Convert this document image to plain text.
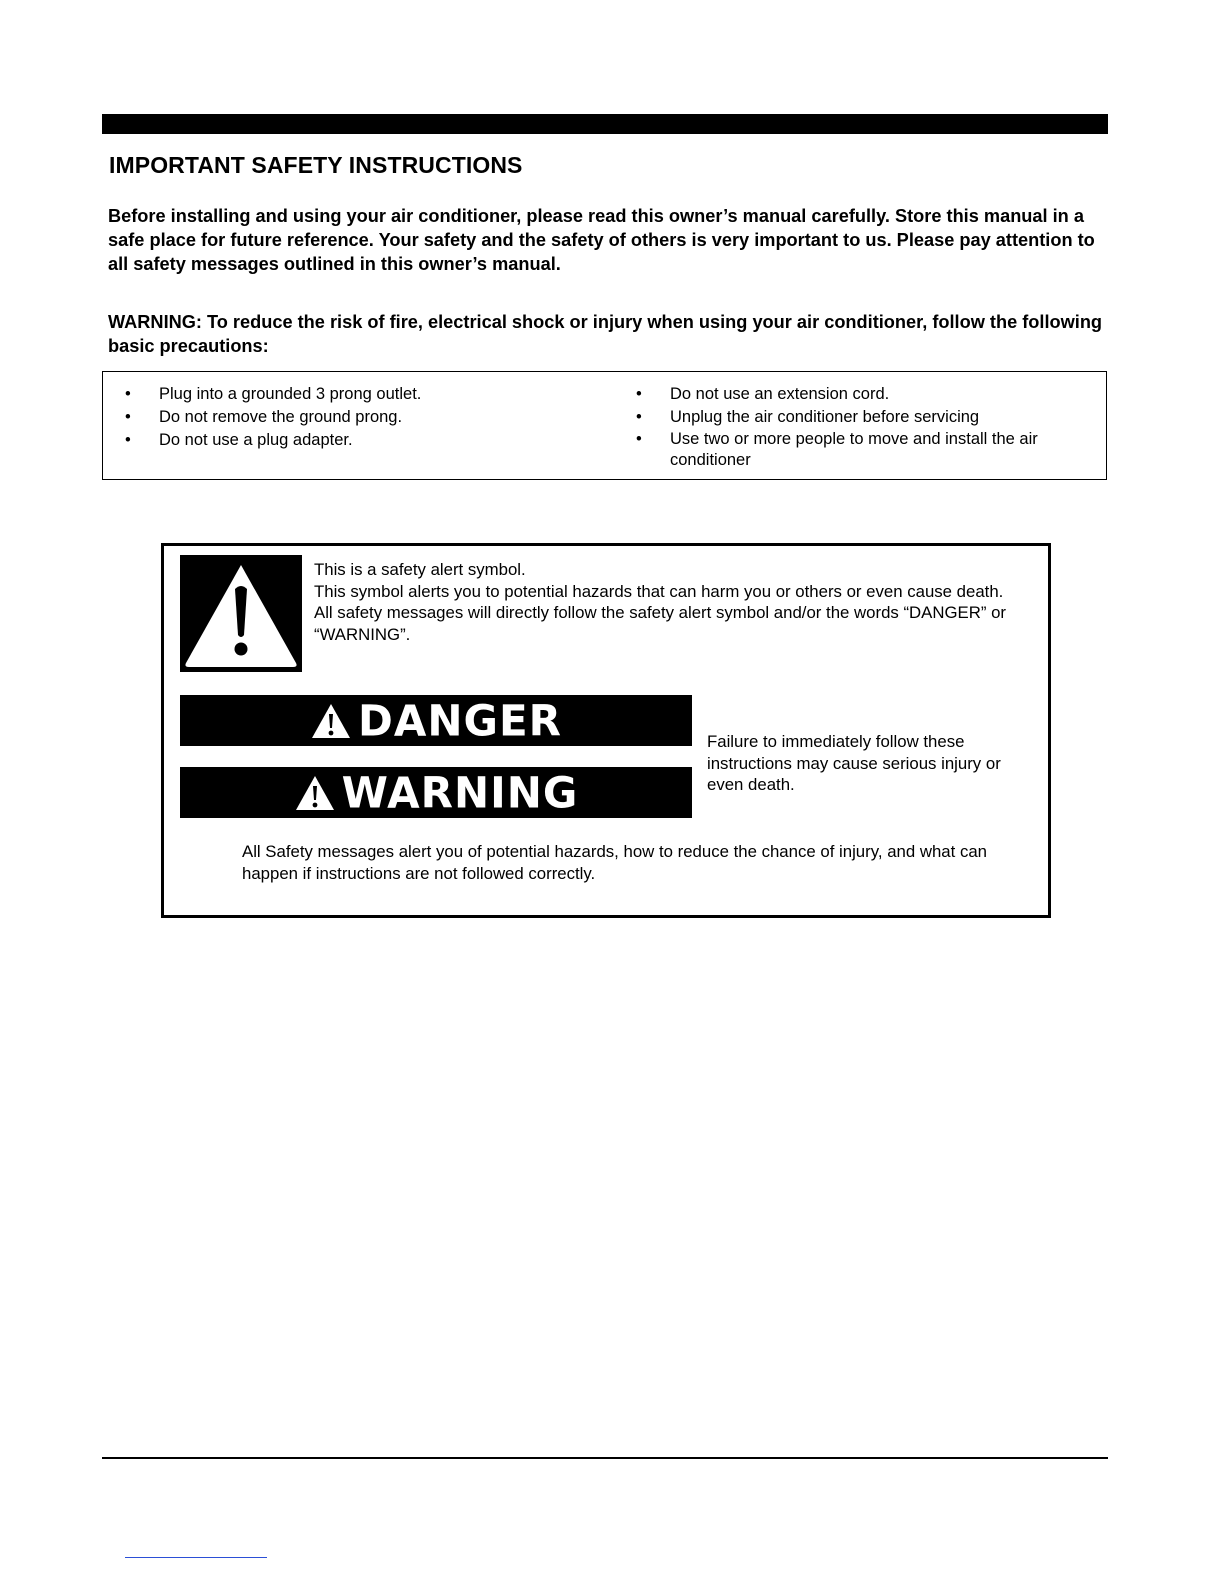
IMPORTANT SAFETY INSTRUCTIONS

Before installing and using your air conditioner, please read this owner’s manual carefully. Store this manual in a safe place for future reference. Your safety and the safety of others is very important to us. Please pay attention to all safety messages outlined in this owner’s manual.

WARNING: To reduce the risk of fire, electrical shock or injury when using your air conditioner, follow the following basic precautions:

• Plug into a grounded 3 prong outlet.
• Do not remove the ground prong.
• Do not use a plug adapter.
• Do not use an extension cord.
• Unplug the air conditioner before servicing
• Use two or more people to move and install the air conditioner

This is a safety alert symbol.
This symbol alerts you to potential hazards that can harm you or others or even cause death.
All safety messages will directly follow the safety alert symbol and/or the words “DANGER” or “WARNING”.

DANGER
WARNING

Failure to immediately follow these instructions may cause serious injury or even death.

All Safety messages alert you of potential hazards, how to reduce the chance of injury, and what can happen if instructions are not followed correctly.
